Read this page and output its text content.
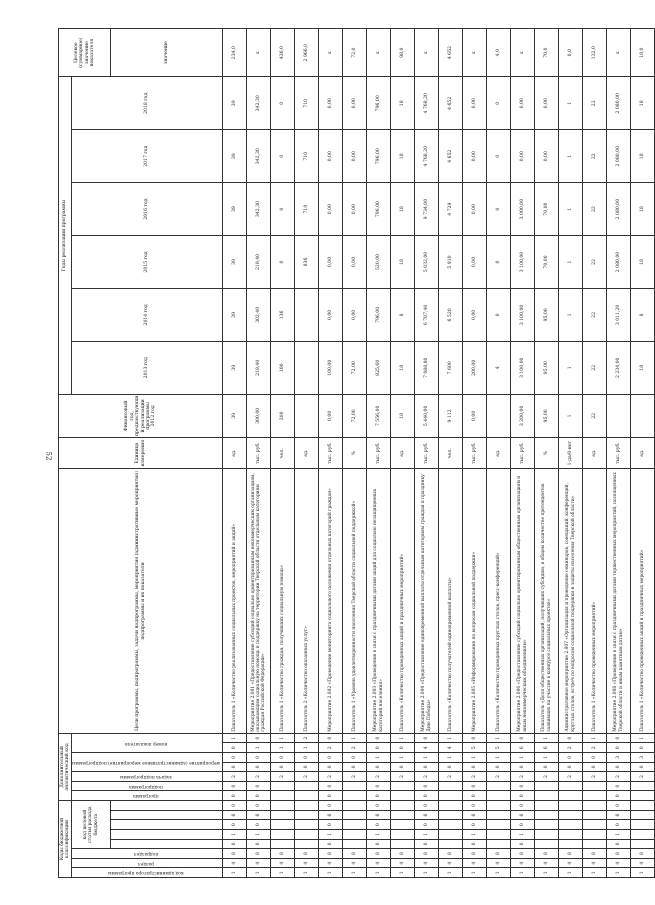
52
Коды бюджетной классификации								Дополнительный аналитический код							Цели программы, подпрограммы, задачи подпрограммы, мероприятия (административные мероприятия) подпрограммы и их показатели	Единица измерения	Финансовый год, предшествующий реализации программы 2012 год	Годы реализации программы						Целевое (суммарное) значение показателя
код администратора программы	раздел	подраздел	код целевой статьи расхода бюджета					программа	подпрограмма	задача подпрограммы	мероприятие (административное мероприятие) подпрограммы		номер показателя					2013 год	2014 год	2015 год	2016 год	2017 год	2018 год	
																								значение
1	4	8	0	1	0	6	0	0	0	2	0	0	0	1	Показатель 1 «Количество реализованных социальных проектов, мероприятий и акций»	ед.	39	39	39	39	39	39	39	234,0
1	4	8	0	1	0	6	0	0	0	2	0	0	1	0	Мероприятие 2.001 «Предоставление субсидий социально ориентированным некоммерческим организациям, оказывающим социальную помощь и поддержку на территории Тверской области отдельным категориям граждан Российской Федерации»	тыс. руб.	300,00	218,40	302,40	218,40	342,30	342,30	342,30	х
1	4	8								2	0	0	1	1	Показатель 1 «Количество граждан, получивших социальную помощь»	чел.	200	100	136	0	0	0	0	436,0
1	4	8								2	0	0	1	2	Показатель 2 «Количество оказанных услуг»	ед.				836	710	710	710	2 966,0
1	4	8	0	1	0	6	0	0	0	2	0	0	2	0	Мероприятие 2.002 «Проведение мониторинга социального положения отдельных категорий граждан»	тыс. руб.	0,00	100,00	0,00	0,00	0,00	0,00	0,00	х
1	4	8								2	0	0	2	1	Показатель 1 «Уровень удовлетворенности населения Тверской области социальной поддержкой»	%	72,00	72,00	0,00	0,00	0,00	0,00	0,00	72,0
1	4	8	0	1	0	6	0	0	0	2	0	1	0	0	Мероприятие 2.003 «Проведение в связи с праздничными датами акций для социально незащищенных категорий населения»	тыс. руб.	7 556,00	825,60	796,00	520,00	796,00	796,00	796,00	х
1	4	8								2	0	1	0	1	Показатель «Количество проведенных акций и праздничных мероприятий»	ед.	18	18	8	18	18	18	18	98,0
1	4	8	0	1	0	6	0	0	0	2	0	1	4	0	Мероприятие 2.004 «Предоставление единовременной выплаты отдельным категориям граждан к празднику Дню Победы»	тыс. руб.	5 440,00	7 088,80	6 707,40	5 032,00	9 734,00	4 768,20	4 768,20	х
1	4	8								2	0	1	4	1	Показатель «Количество получателей единовременной выплаты»	чел.	9 112	7 600	6 520	5 910	4 729	4 652	4 652	4 652
1	4	8	0	1	0	6	0	0	0	2	0	1	5	0	Мероприятие 2.005 «Информирование по вопросам социальной поддержки»	тыс. руб.	0,00	200,00	0,00	0,00	0,00	0,00	0,00	х
1	4	8								2	0	1	5	1	Показатель «Количество проведенных круглых столов, пресс-конференций»	ед.		4	0	0	0	0	0	4,0
1	4	8	0	1	0	6	0	0	0	2	0	1	6	0	Мероприятие 2.006 «Предоставление субсидий социально ориентированным общественным организациям и иным некоммерческим объединениям»	тыс. руб.	3 200,00	3 100,00	3 100,00	3 100,00	3 000,00	0,00	0,00	х
1	4	8								2	0	1	6	1	Показатель «Доля общественных организаций, получивших субсидию, в общем количестве претендентов заявивших на участие в конкурсе социальных проектов»	%	95,00	95,00	95,00	70,00	70,00	0,00	0,00	70,0
1	4	8								2	0	0	2	0	Административное мероприятие 2.007 «Организация и проведение семинаров, совещаний, конференций, круглых столов, встреч по вопросам социальной поддержки и защиты населения Тверской области»	1-да/0-нет	1	1	1	1	1	1	1	0,0
1	4	8								2	0	0	2	1	Показатель 1 «Количество проведенных мероприятий»	ед.	22	22	22	22	22	22	22	132,0
1	4	8	0	1	0	6	0	0	0	2	0	3	0	0	Мероприятие 2.008 «Проведение в связи с праздничными датами торжественных мероприятий, посвященных Тверской области и иным памятным датам»	тыс. руб.		2 234,00	3 011,20	2 080,00	2 080,00	2 080,00	2 080,00	х
1	4	8								2	0	3	0	1	Показатель 1 «Количество проведенных акций и праздничных мероприятий»	ед.		18	8	18	18	18	18	18,0
